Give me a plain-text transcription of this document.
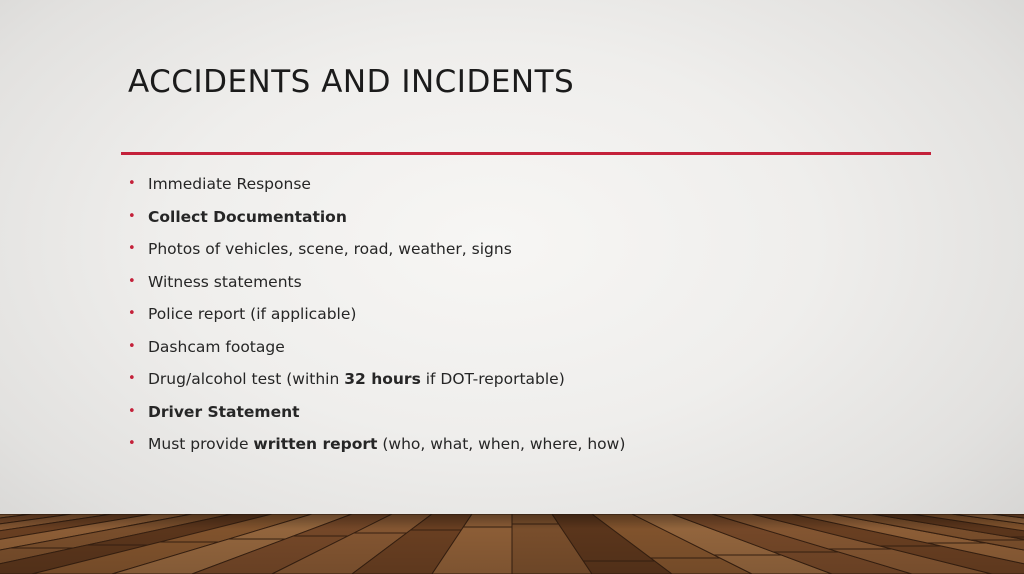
ACCIDENTS AND INCIDENTS
• Immediate Response
• Collect Documentation
• Photos of vehicles, scene, road, weather, signs
• Witness statements
• Police report (if applicable)
• Dashcam footage
• Drug/alcohol test (within 32 hours if DOT-reportable)
• Driver Statement
• Must provide written report (who, what, when, where, how)
